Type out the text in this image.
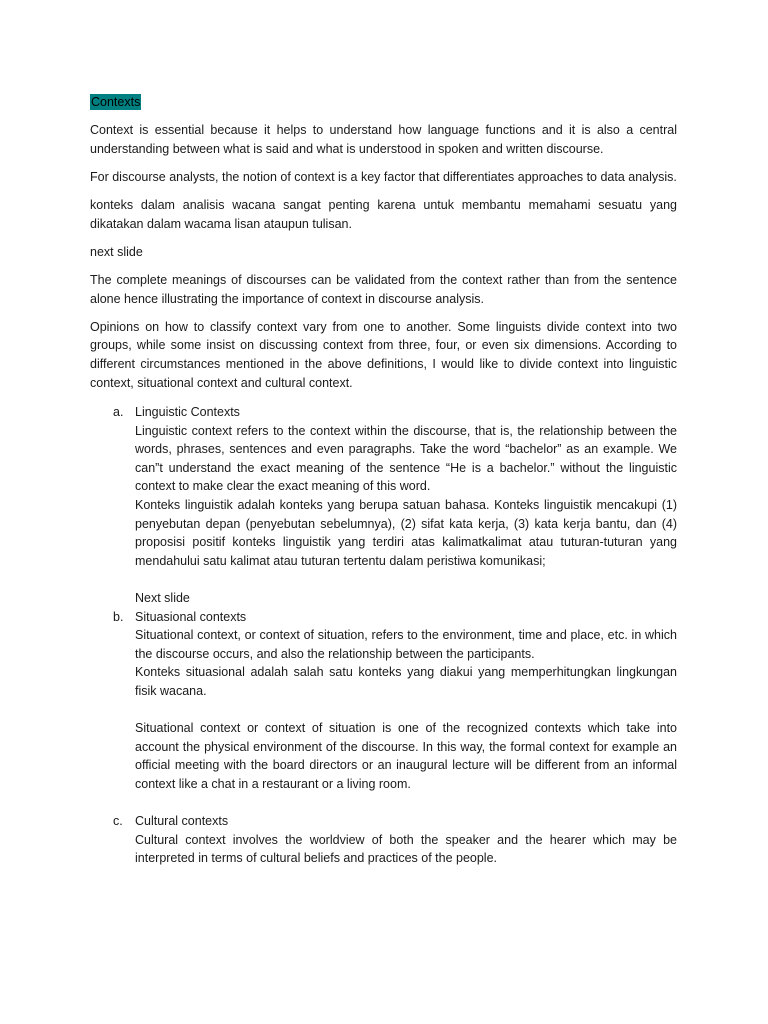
Contexts

Context is essential because it helps to understand how language functions and it is also a central understanding between what is said and what is understood in spoken and written discourse.

For discourse analysts, the notion of context is a key factor that differentiates approaches to data analysis.

konteks dalam analisis wacana sangat penting karena untuk membantu memahami sesuatu yang dikatakan dalam wacama lisan ataupun tulisan.

next slide

The complete meanings of discourses can be validated from the context rather than from the sentence alone hence illustrating the importance of context in discourse analysis.

Opinions on how to classify context vary from one to another. Some linguists divide context into two groups, while some insist on discussing context from three, four, or even six dimensions. According to different circumstances mentioned in the above definitions, I would like to divide context into linguistic context, situational context and cultural context.

a. Linguistic Contexts
Linguistic context refers to the context within the discourse, that is, the relationship between the words, phrases, sentences and even paragraphs. Take the word “bachelor” as an example. We can”t understand the exact meaning of the sentence “He is a bachelor.” without the linguistic context to make clear the exact meaning of this word.
Konteks linguistik adalah konteks yang berupa satuan bahasa. Konteks linguistik mencakupi (1) penyebutan depan (penyebutan sebelumnya), (2) sifat kata kerja, (3) kata kerja bantu, dan (4) proposisi positif konteks linguistik yang terdiri atas kalimatkalimat atau tuturan-tuturan yang mendahului satu kalimat atau tuturan tertentu dalam peristiwa komunikasi;
Next slide
b. Situasional contexts
Situational context, or context of situation, refers to the environment, time and place, etc. in which the discourse occurs, and also the relationship between the participants.
Konteks situasional adalah salah satu konteks yang diakui yang memperhitungkan lingkungan fisik wacana.
Situational context or context of situation is one of the recognized contexts which take into account the physical environment of the discourse. In this way, the formal context for example an official meeting with the board directors or an inaugural lecture will be different from an informal context like a chat in a restaurant or a living room.
c. Cultural contexts
Cultural context involves the worldview of both the speaker and the hearer which may be interpreted in terms of cultural beliefs and practices of the people.
